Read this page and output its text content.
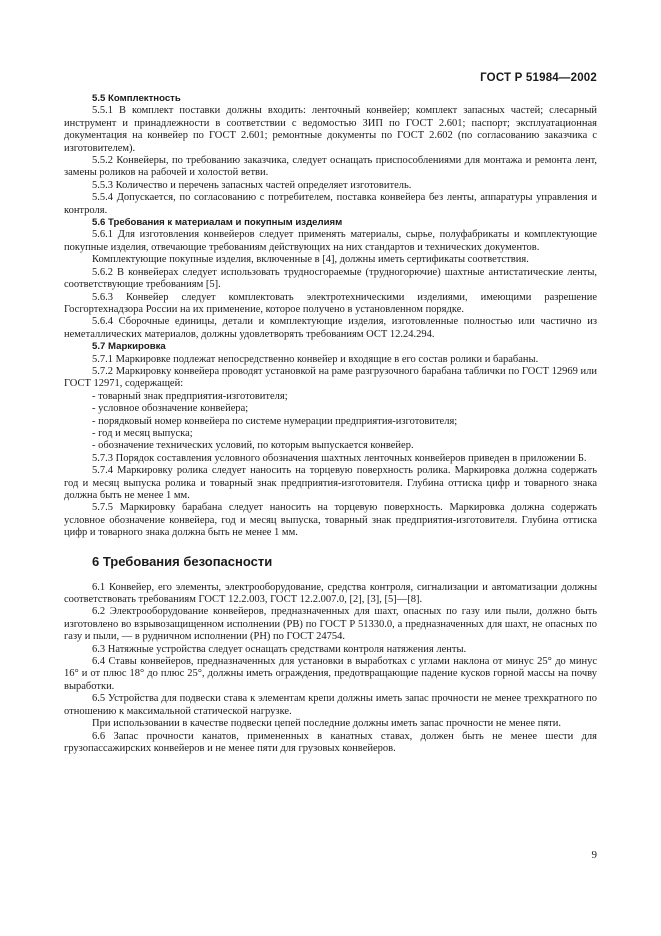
ГОСТ Р 51984—2002

5.5 Комплектность

5.5.1 В комплект поставки должны входить: ленточный конвейер; комплект запасных частей; слесарный инструмент и принадлежности в соответствии с ведомостью ЗИП по ГОСТ 2.601; паспорт; эксплуатационная документация на конвейер по ГОСТ 2.601; ремонтные документы по ГОСТ 2.602 (по согласованию заказчика с изготовителем).

5.5.2 Конвейеры, по требованию заказчика, следует оснащать приспособлениями для монтажа и ремонта лент, замены роликов на рабочей и холостой ветви.

5.5.3 Количество и перечень запасных частей определяет изготовитель.

5.5.4 Допускается, по согласованию с потребителем, поставка конвейера без ленты, аппаратуры управления и контроля.

5.6 Требования к материалам и покупным изделиям

5.6.1 Для изготовления конвейеров следует применять материалы, сырье, полуфабрикаты и комплектующие покупные изделия, отвечающие требованиям действующих на них стандартов и технических документов.

Комплектующие покупные изделия, включенные в [4], должны иметь сертификаты соответствия.

5.6.2 В конвейерах следует использовать трудносгораемые (трудногорючие) шахтные антистатические ленты, соответствующие требованиям [5].

5.6.3 Конвейер следует комплектовать электротехническими изделиями, имеющими разрешение Госгортехнадзора России на их применение, которое получено в установленном порядке.

5.6.4 Сборочные единицы, детали и комплектующие изделия, изготовленные полностью или частично из неметаллических материалов, должны удовлетворять требованиям ОСТ 12.24.294.

5.7 Маркировка

5.7.1 Маркировке подлежат непосредственно конвейер и входящие в его состав ролики и барабаны.

5.7.2 Маркировку конвейера проводят установкой на раме разгрузочного барабана таблички по ГОСТ 12969 или ГОСТ 12971, содержащей:

- товарный знак предприятия-изготовителя;

- условное обозначение конвейера;

- порядковый номер конвейера по системе нумерации предприятия-изготовителя;

- год и месяц выпуска;

- обозначение технических условий, по которым выпускается конвейер.

5.7.3 Порядок составления условного обозначения шахтных ленточных конвейеров приведен в приложении Б.

5.7.4 Маркировку ролика следует наносить на торцевую поверхность ролика. Маркировка должна содержать год и месяц выпуска ролика и товарный знак предприятия-изготовителя. Глубина оттиска цифр и товарного знака должна быть не менее 1 мм.

5.7.5 Маркировку барабана следует наносить на торцевую поверхность. Маркировка должна содержать условное обозначение конвейера, год и месяц выпуска, товарный знак предприятия-изготовителя. Глубина оттиска цифр и товарного знака должна быть не менее 1 мм.

6 Требования безопасности

6.1 Конвейер, его элементы, электрооборудование, средства контроля, сигнализации и автоматизации должны соответствовать требованиям ГОСТ 12.2.003, ГОСТ 12.2.007.0, [2], [3], [5]—[8].

6.2 Электрооборудование конвейеров, предназначенных для шахт, опасных по газу или пыли, должно быть изготовлено во взрывозащищенном исполнении (РВ) по ГОСТ Р 51330.0, а предназначенных для шахт, не опасных по газу и пыли, — в рудничном исполнении (РН) по ГОСТ 24754.

6.3 Натяжные устройства следует оснащать средствами контроля натяжения ленты.

6.4 Ставы конвейеров, предназначенных для установки в выработках с углами наклона от минус 25° до минус 16° и от плюс 18° до плюс 25°, должны иметь ограждения, предотвращающие падение кусков горной массы на почву выработки.

6.5 Устройства для подвески става к элементам крепи должны иметь запас прочности не менее трехкратного по отношению к максимальной статической нагрузке.

При использовании в качестве подвески цепей последние должны иметь запас прочности не менее пяти.

6.6 Запас прочности канатов, примененных в канатных ставах, должен быть не менее шести для грузопассажирских конвейеров и не менее пяти для грузовых конвейеров.

9
